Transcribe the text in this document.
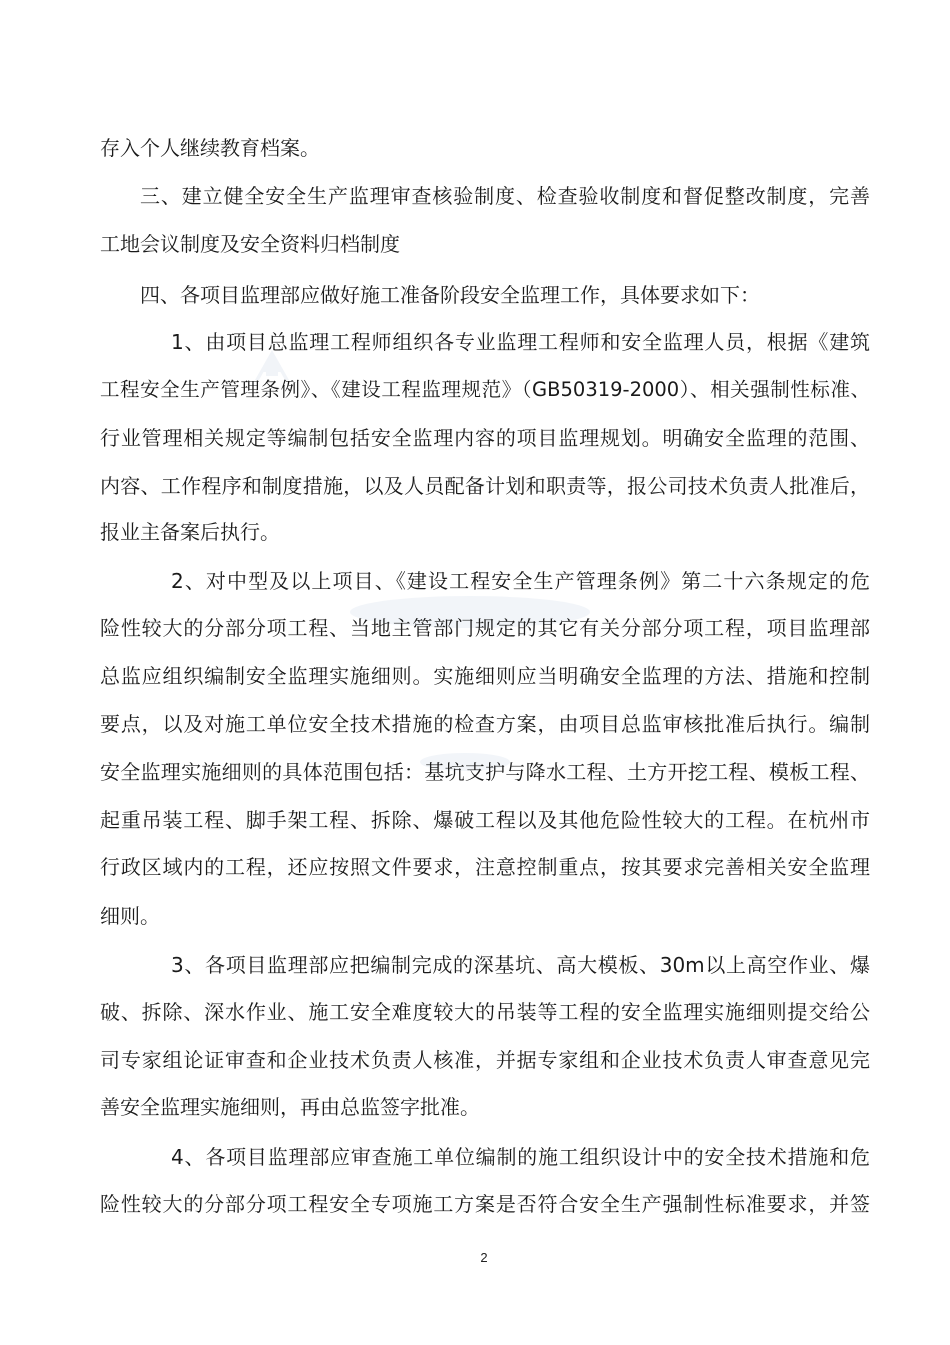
存入个人继续教育档案。
三、建立健全安全生产监理审查核验制度、检查验收制度和督促整改制度，完善
工地会议制度及安全资料归档制度
四、各项目监理部应做好施工准备阶段安全监理工作，具体要求如下：
1、由项目总监理工程师组织各专业监理工程师和安全监理人员，根据《建筑
工程安全生产管理条例》、《建设工程监理规范》（GB50319-2000）、相关强制性标准、
行业管理相关规定等编制包括安全监理内容的项目监理规划。明确安全监理的范围、
内容、工作程序和制度措施，以及人员配备计划和职责等，报公司技术负责人批准后，
报业主备案后执行。
2、对中型及以上项目、《建设工程安全生产管理条例》第二十六条规定的危
险性较大的分部分项工程、当地主管部门规定的其它有关分部分项工程，项目监理部
总监应组织编制安全监理实施细则。实施细则应当明确安全监理的方法、措施和控制
要点，以及对施工单位安全技术措施的检查方案，由项目总监审核批准后执行。编制
安全监理实施细则的具体范围包括：基坑支护与降水工程、土方开挖工程、模板工程、
起重吊装工程、脚手架工程、拆除、爆破工程以及其他危险性较大的工程。在杭州市
行政区域内的工程，还应按照文件要求，注意控制重点，按其要求完善相关安全监理
细则。
3、各项目监理部应把编制完成的深基坑、高大模板、30m以上高空作业、爆
破、拆除、深水作业、施工安全难度较大的吊装等工程的安全监理实施细则提交给公
司专家组论证审查和企业技术负责人核准，并据专家组和企业技术负责人审查意见完
善安全监理实施细则，再由总监签字批准。
4、各项目监理部应审查施工单位编制的施工组织设计中的安全技术措施和危
险性较大的分部分项工程安全专项施工方案是否符合安全生产强制性标准要求，并签
2
